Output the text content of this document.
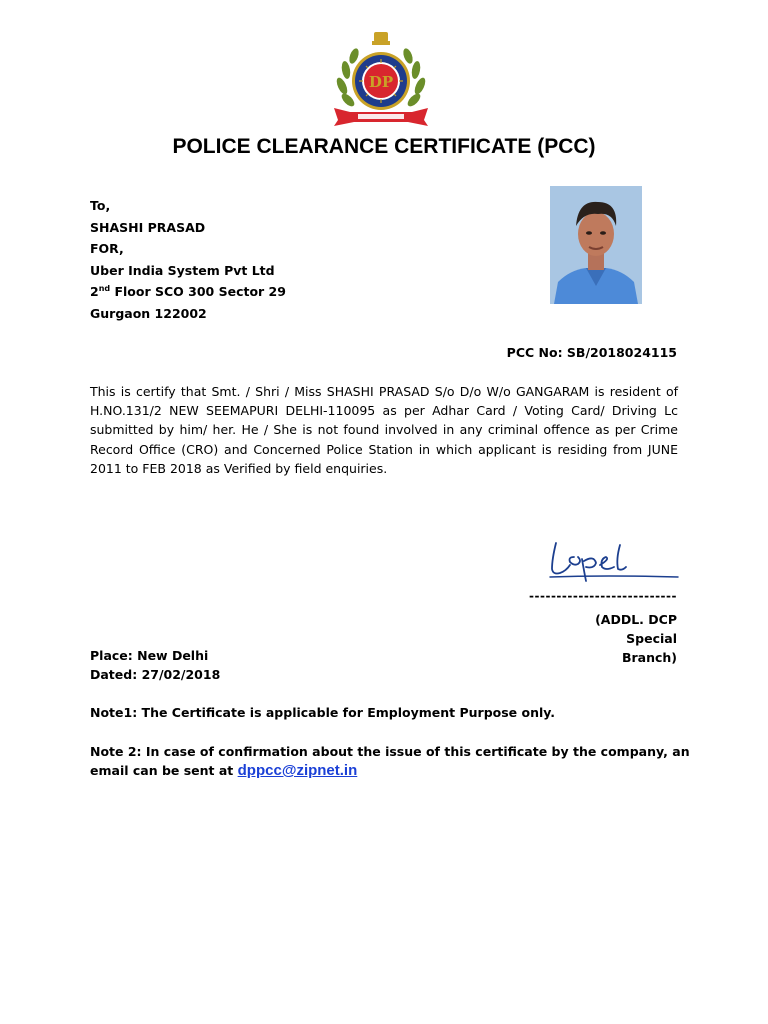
DP
POLICE CLEARANCE CERTIFICATE (PCC)
To,
SHASHI PRASAD
FOR,
Uber India System Pvt Ltd
2nd Floor SCO 300 Sector 29
Gurgaon 122002
PCC No: SB/2018024115
This is certify that Smt. / Shri / Miss SHASHI PRASAD S/o D/o W/o GANGARAM is resident of H.NO.131/2 NEW SEEMAPURI DELHI-110095 as per Adhar Card / Voting Card/ Driving Lc submitted by him/ her. He / She is not found involved in any criminal offence as per Crime Record Office (CRO) and Concerned Police Station in which applicant is residing from JUNE 2011 to FEB 2018 as Verified by field enquiries.
---------------------------
(ADDL. DCP Special
Branch)
Place: New Delhi
Dated: 27/02/2018
Note1: The Certificate is applicable for Employment Purpose only.
Note 2: In case of confirmation about the issue of this certificate by the company, an email can be sent at dppcc@zipnet.in
